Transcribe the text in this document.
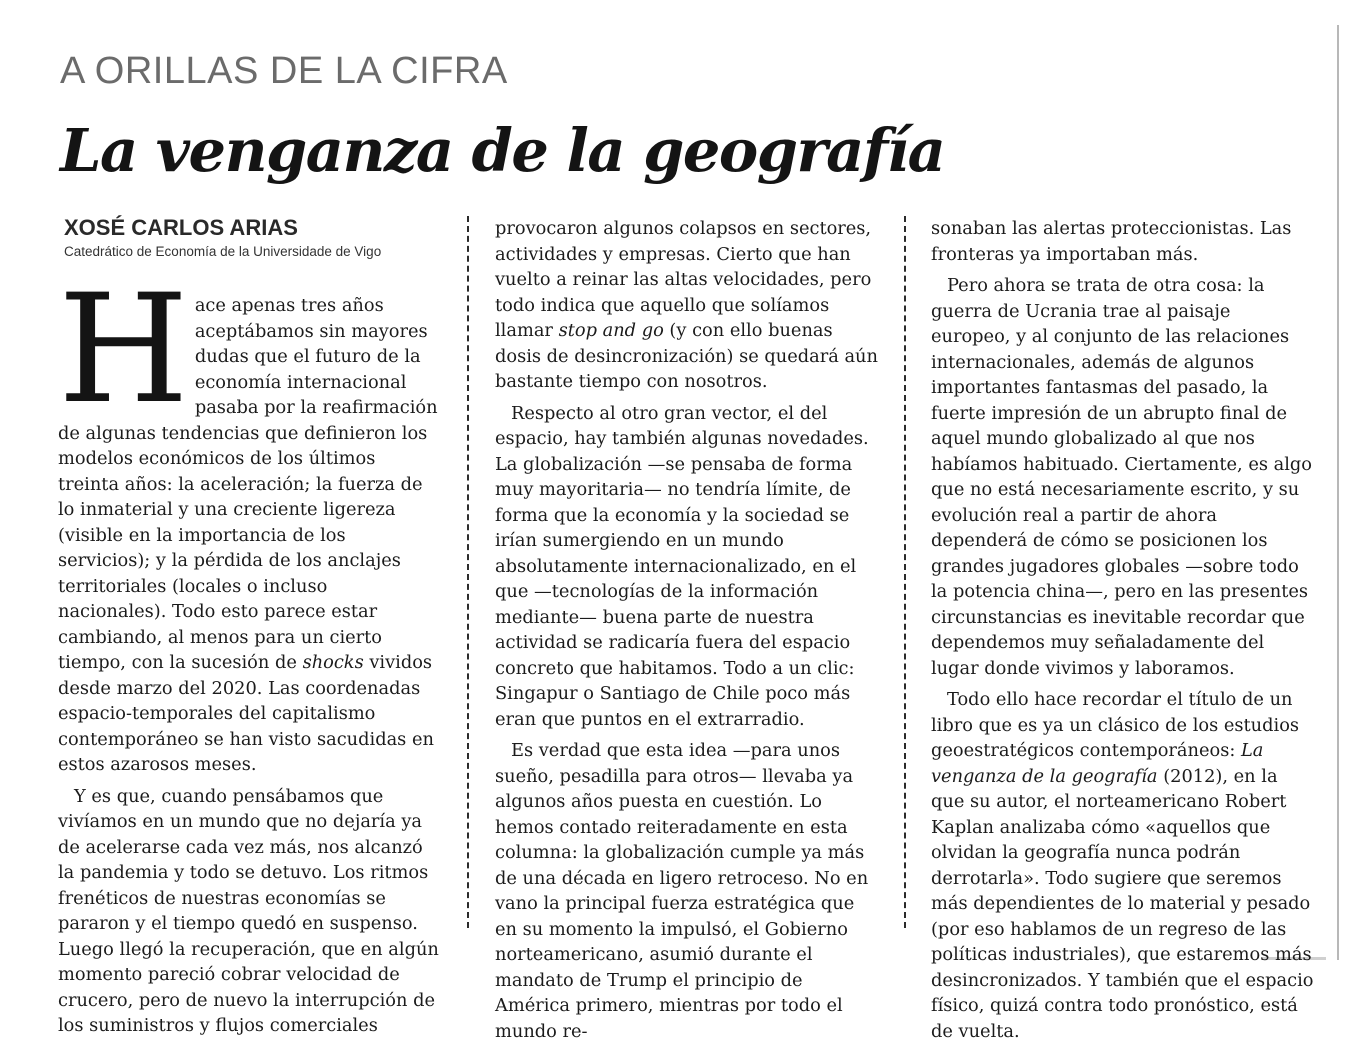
A ORILLAS DE LA CIFRA
La venganza de la geografía
XOSÉ CARLOS ARIAS
Catedrático de Economía de la Universidade de Vigo

Hace apenas tres años aceptábamos sin mayores dudas que el futuro de la economía internacional pasaba por la reafirmación de algunas tendencias que definieron los modelos económicos de los últimos treinta años: la aceleración; la fuerza de lo inmaterial y una creciente ligereza (visible en la importancia de los servicios); y la pérdida de los anclajes territoriales (locales o incluso nacionales). Todo esto parece estar cambiando, al menos para un cierto tiempo, con la sucesión de shocks vividos desde marzo del 2020. Las coordenadas espacio-temporales del capitalismo contemporáneo se han visto sacudidas en estos azarosos meses.

Y es que, cuando pensábamos que vivíamos en un mundo que no dejaría ya de acelerarse cada vez más, nos alcanzó la pandemia y todo se detuvo. Los ritmos frenéticos de nuestras economías se pararon y el tiempo quedó en suspenso. Luego llegó la recuperación, que en algún momento pareció cobrar velocidad de crucero, pero de nuevo la interrupción de los suministros y flujos comerciales

provocaron algunos colapsos en sectores, actividades y empresas. Cierto que han vuelto a reinar las altas velocidades, pero todo indica que aquello que solíamos llamar stop and go (y con ello buenas dosis de desincronización) se quedará aún bastante tiempo con nosotros.

Respecto al otro gran vector, el del espacio, hay también algunas novedades. La globalización —se pensaba de forma muy mayoritaria— no tendría límite, de forma que la economía y la sociedad se irían sumergiendo en un mundo absolutamente internacionalizado, en el que —tecnologías de la información mediante— buena parte de nuestra actividad se radicaría fuera del espacio concreto que habitamos. Todo a un clic: Singapur o Santiago de Chile poco más eran que puntos en el extrarradio.

Es verdad que esta idea —para unos sueño, pesadilla para otros— llevaba ya algunos años puesta en cuestión. Lo hemos contado reiteradamente en esta columna: la globalización cumple ya más de una década en ligero retroceso. No en vano la principal fuerza estratégica que en su momento la impulsó, el Gobierno norteamericano, asumió durante el mandato de Trump el principio de América primero, mientras por todo el mundo re-

sonaban las alertas proteccionistas. Las fronteras ya importaban más.

Pero ahora se trata de otra cosa: la guerra de Ucrania trae al paisaje europeo, y al conjunto de las relaciones internacionales, además de algunos importantes fantasmas del pasado, la fuerte impresión de un abrupto final de aquel mundo globalizado al que nos habíamos habituado. Ciertamente, es algo que no está necesariamente escrito, y su evolución real a partir de ahora dependerá de cómo se posicionen los grandes jugadores globales —sobre todo la potencia china—, pero en las presentes circunstancias es inevitable recordar que dependemos muy señaladamente del lugar donde vivimos y laboramos.

Todo ello hace recordar el título de un libro que es ya un clásico de los estudios geoestratégicos contemporáneos: La venganza de la geografía (2012), en la que su autor, el norteamericano Robert Kaplan analizaba cómo «aquellos que olvidan la geografía nunca podrán derrotarla». Todo sugiere que seremos más dependientes de lo material y pesado (por eso hablamos de un regreso de las políticas industriales), que estaremos más desincronizados. Y también que el espacio físico, quizá contra todo pronóstico, está de vuelta.
